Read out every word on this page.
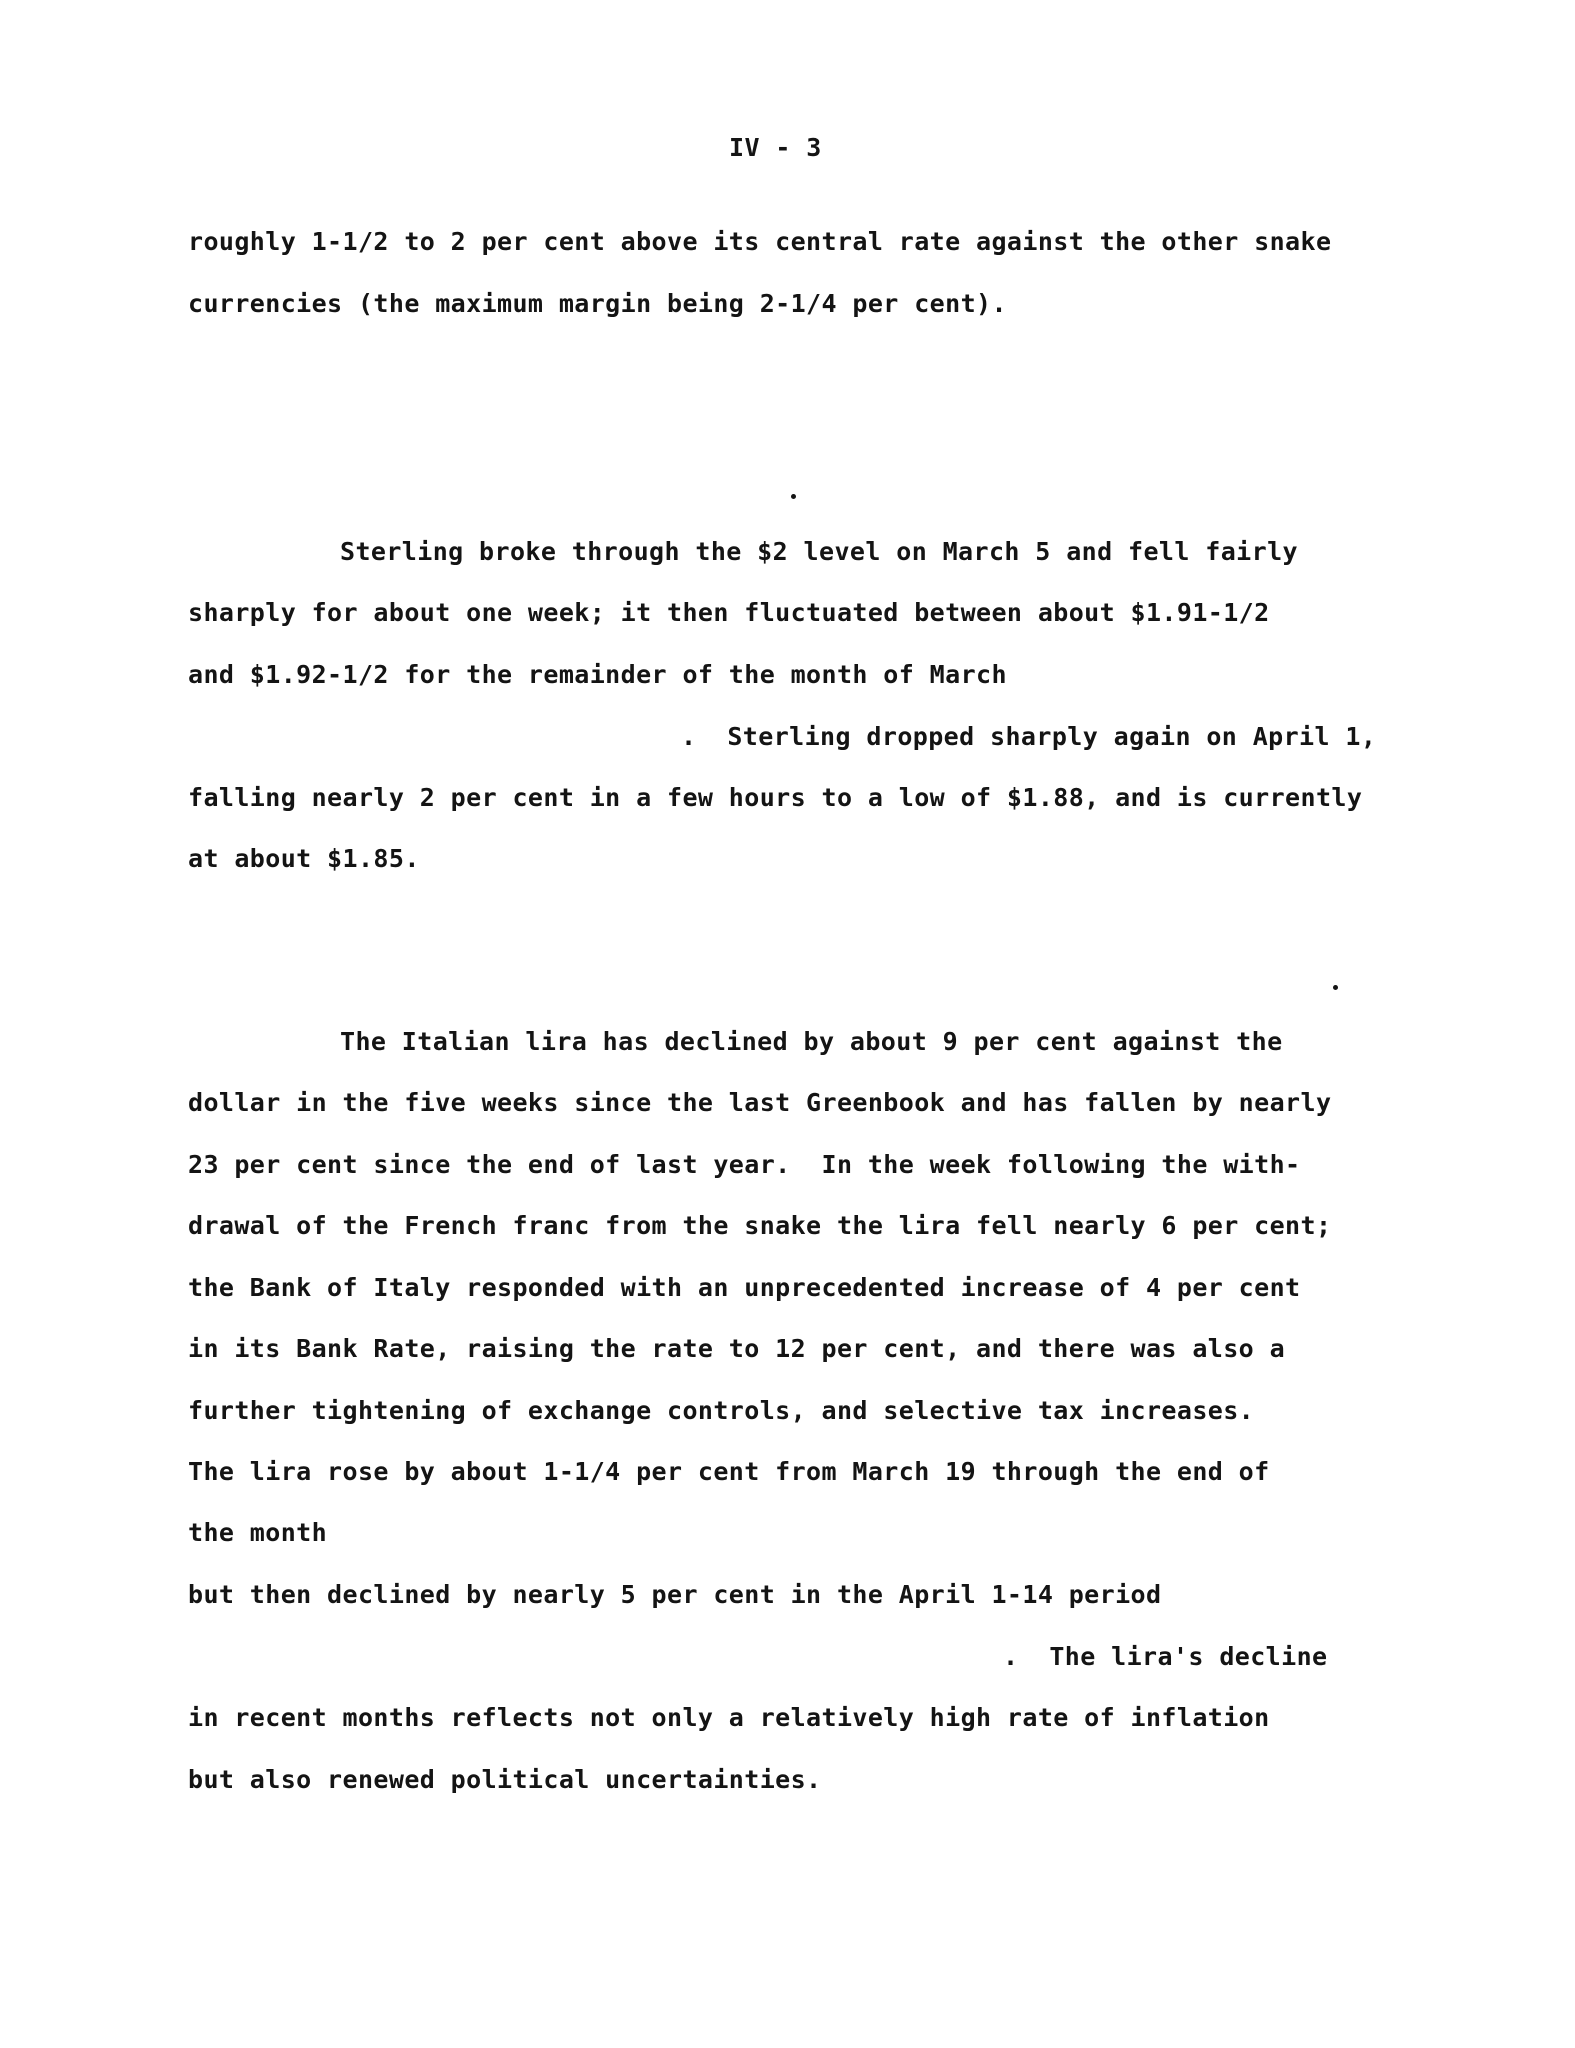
IV - 3
roughly 1-1/2 to 2 per cent above its central rate against the other snake
currencies (the maximum margin being 2-1/4 per cent).
Sterling broke through the $2 level on March 5 and fell fairly
sharply for about one week; it then fluctuated between about $1.91-1/2
and $1.92-1/2 for the remainder of the month of March
.  Sterling dropped sharply again on April 1,
falling nearly 2 per cent in a few hours to a low of $1.88, and is currently
at about $1.85.
The Italian lira has declined by about 9 per cent against the
dollar in the five weeks since the last Greenbook and has fallen by nearly
23 per cent since the end of last year.  In the week following the with-
drawal of the French franc from the snake the lira fell nearly 6 per cent;
the Bank of Italy responded with an unprecedented increase of 4 per cent
in its Bank Rate, raising the rate to 12 per cent, and there was also a
further tightening of exchange controls, and selective tax increases.
The lira rose by about 1-1/4 per cent from March 19 through the end of
the month
but then declined by nearly 5 per cent in the April 1-14 period
.  The lira's decline
in recent months reflects not only a relatively high rate of inflation
but also renewed political uncertainties.
